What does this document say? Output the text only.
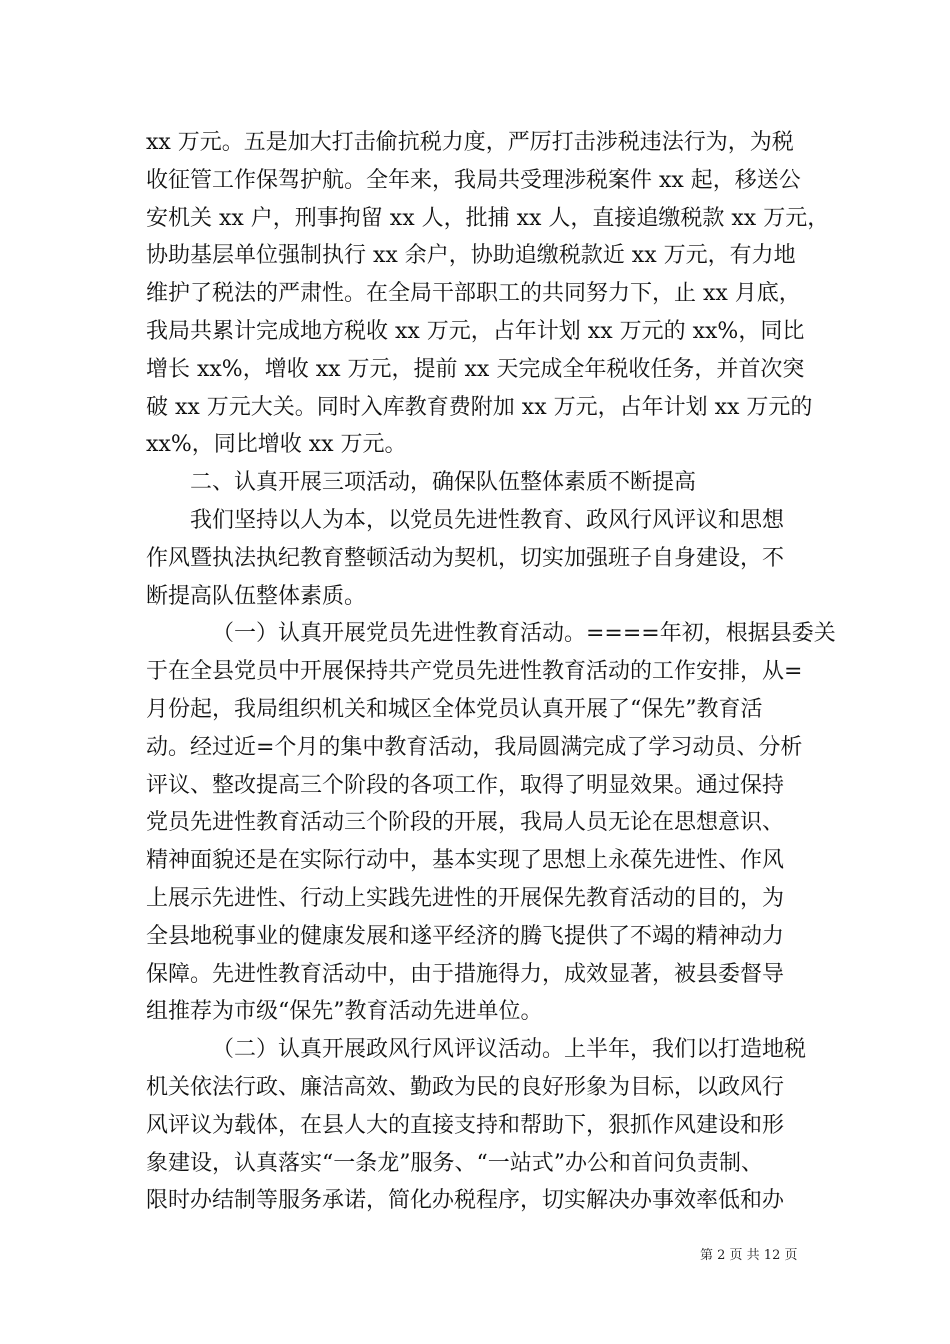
xx 万元。五是加大打击偷抗税力度，严厉打击涉税违法行为，为税
收征管工作保驾护航。全年来，我局共受理涉税案件 xx 起，移送公
安机关 xx 户，刑事拘留 xx 人，批捕 xx 人，直接追缴税款 xx 万元，
协助基层单位强制执行 xx 余户，协助追缴税款近 xx 万元，有力地
维护了税法的严肃性。在全局干部职工的共同努力下，止 xx 月底，
我局共累计完成地方税收 xx 万元，占年计划 xx 万元的 xx%，同比
增长 xx%，增收 xx 万元，提前 xx 天完成全年税收任务，并首次突
破 xx 万元大关。同时入库教育费附加 xx 万元，占年计划 xx 万元的
xx%，同比增收 xx 万元。
二、认真开展三项活动，确保队伍整体素质不断提高
我们坚持以人为本，以党员先进性教育、政风行风评议和思想
作风暨执法执纪教育整顿活动为契机，切实加强班子自身建设，不
断提高队伍整体素质。
（一）认真开展党员先进性教育活动。====年初，根据县委关
于在全县党员中开展保持共产党员先进性教育活动的工作安排，从=
月份起，我局组织机关和城区全体党员认真开展了“保先”教育活
动。经过近=个月的集中教育活动，我局圆满完成了学习动员、分析
评议、整改提高三个阶段的各项工作，取得了明显效果。通过保持
党员先进性教育活动三个阶段的开展，我局人员无论在思想意识、
精神面貌还是在实际行动中，基本实现了思想上永葆先进性、作风
上展示先进性、行动上实践先进性的开展保先教育活动的目的，为
全县地税事业的健康发展和遂平经济的腾飞提供了不竭的精神动力
保障。先进性教育活动中，由于措施得力，成效显著，被县委督导
组推荐为市级“保先”教育活动先进单位。
（二）认真开展政风行风评议活动。上半年，我们以打造地税
机关依法行政、廉洁高效、勤政为民的良好形象为目标，以政风行
风评议为载体，在县人大的直接支持和帮助下，狠抓作风建设和形
象建设，认真落实“一条龙”服务、“一站式”办公和首问负责制、
限时办结制等服务承诺，简化办税程序，切实解决办事效率低和办
第 2 页 共 12 页
